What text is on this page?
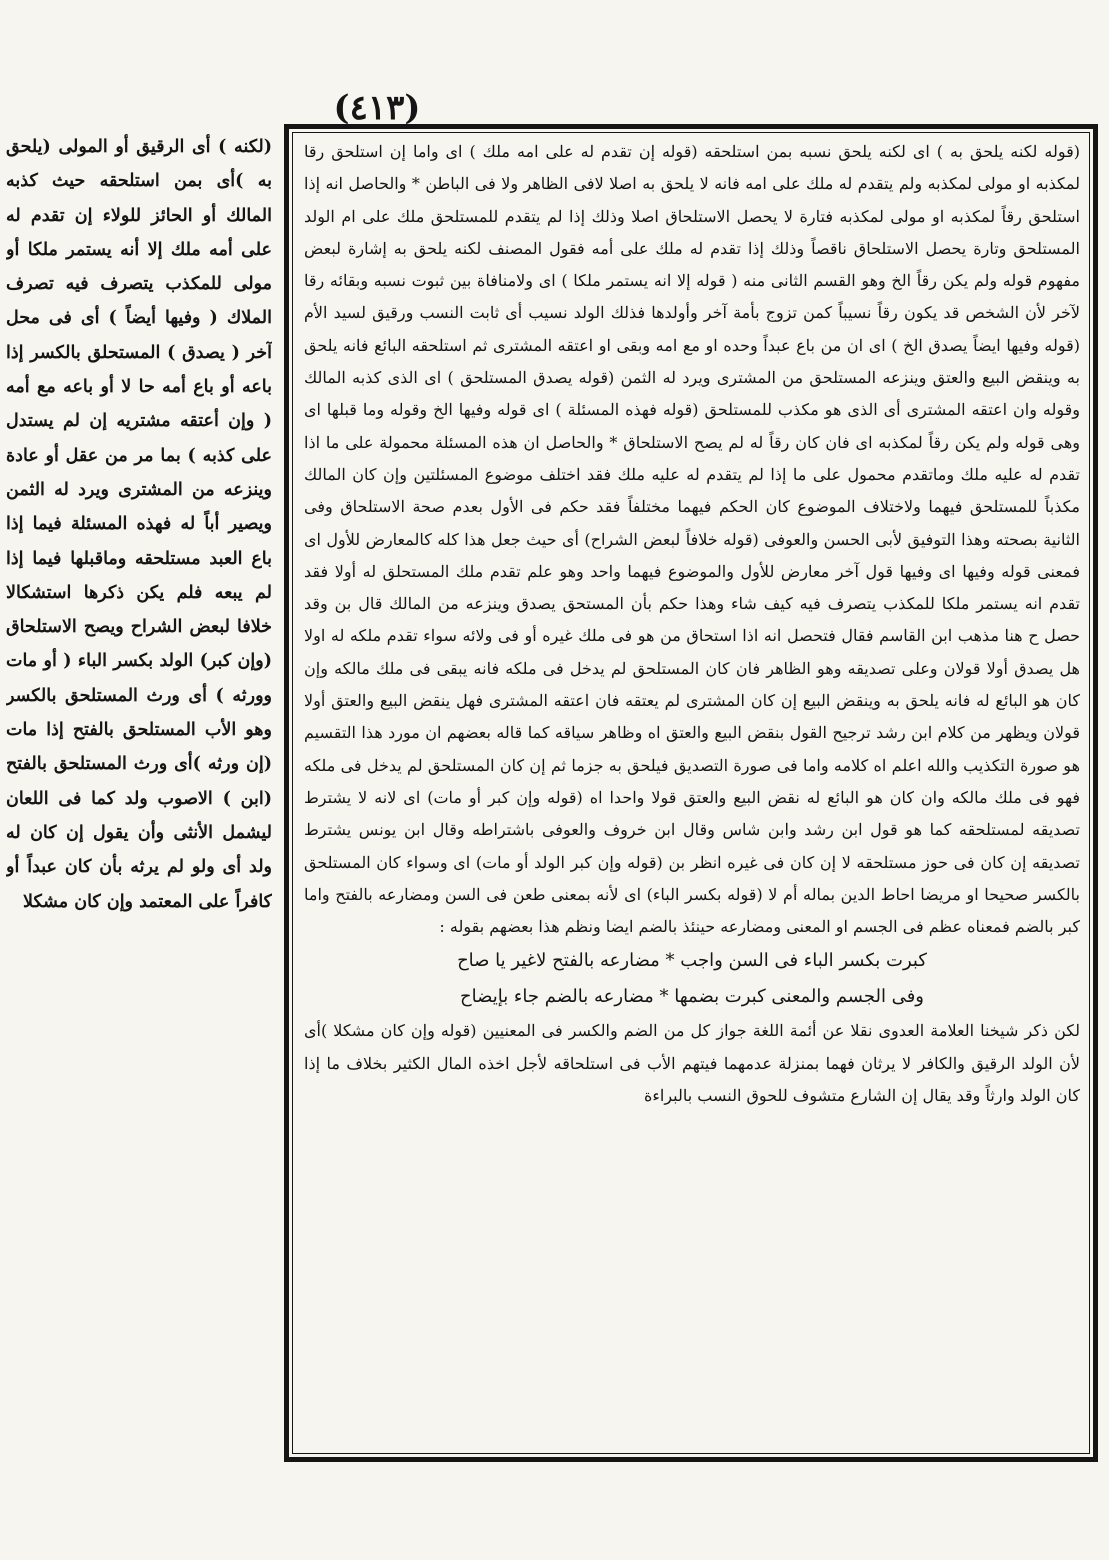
(٤١٣)

(قوله لكنه يلحق به ) اى لكنه يلحق نسبه بمن استلحقه (قوله إن تقدم له على امه ملك ) اى واما إن استلحق رقا لمكذبه او مولى لمكذبه ولم يتقدم له ملك على امه فانه لا يلحق به اصلا لافى الظاهر ولا فى الباطن * والحاصل انه إذا استلحق رقاً لمكذبه او مولى لمكذبه فتارة لا يحصل الاستلحاق اصلا وذلك إذا لم يتقدم للمستلحق ملك على ام الولد المستلحق وتارة يحصل الاستلحاق ناقصاً وذلك إذا تقدم له ملك على أمه فقول المصنف لكنه يلحق به إشارة لبعض مفهوم قوله ولم يكن رقاً الخ وهو القسم الثانى منه ( قوله إلا انه يستمر ملكا ) اى ولامنافاة بين ثبوت نسبه وبقائه رقا لآخر لأن الشخص قد يكون رقاً نسيباً كمن تزوج بأمة آخر وأولدها فذلك الولد نسيب أى ثابت النسب ورقيق لسيد الأم (قوله وفيها ايضاً يصدق الخ ) اى ان من باع عبداً وحده او مع امه وبقى او اعتقه المشترى ثم استلحقه البائع فانه يلحق به وينقض البيع والعتق وينزعه المستلحق من المشترى ويرد له الثمن (قوله يصدق المستلحق ) اى الذى كذبه المالك وقوله وان اعتقه المشترى أى الذى هو مكذب للمستلحق (قوله فهذه المسئلة ) اى قوله وفيها الخ وقوله وما قبلها اى وهى قوله ولم يكن رقاً لمكذبه اى فان كان رقاً له لم يصح الاستلحاق * والحاصل ان هذه المسئلة محمولة على ما اذا تقدم له عليه ملك وماتقدم محمول على ما إذا لم يتقدم له عليه ملك فقد اختلف موضوع المسئلتين وإن كان المالك مكذباً للمستلحق فيهما ولاختلاف الموضوع كان الحكم فيهما مختلفاً فقد حكم فى الأول بعدم صحة الاستلحاق وفى الثانية بصحته وهذا التوفيق لأبى الحسن والعوفى (قوله خلافاً لبعض الشراح) أى حيث جعل هذا كله كالمعارض للأول اى فمعنى قوله وفيها اى وفيها قول آخر معارض للأول والموضوع فيهما واحد وهو علم تقدم ملك المستحلق له أولا فقد تقدم انه يستمر ملكا للمكذب يتصرف فيه كيف شاء وهذا حكم بأن المستحق يصدق وينزعه من المالك قال بن وقد حصل ح هنا مذهب ابن القاسم فقال فتحصل انه اذا استحاق من هو فى ملك غيره أو فى ولائه سواء تقدم ملكه له اولا هل يصدق أولا قولان وعلى تصديقه وهو الظاهر فان كان المستلحق لم يدخل فى ملكه فانه يبقى فى ملك مالكه وإن كان هو البائع له فانه يلحق به وينقض البيع إن كان المشترى لم يعتقه فان اعتقه المشترى فهل ينقض البيع والعتق أولا قولان ويظهر من كلام ابن رشد ترجيح القول بنقض البيع والعتق اه وظاهر سياقه كما قاله بعضهم ان مورد هذا التقسيم هو صورة التكذيب والله اعلم اه كلامه واما فى صورة التصديق فيلحق به جزما ثم إن كان المستلحق لم يدخل فى ملكه فهو فى ملك مالكه وان كان هو البائع له نقض البيع والعتق قولا واحدا اه (قوله وإن كبر أو مات) اى لانه لا يشترط تصديقه لمستلحقه كما هو قول ابن رشد وابن شاس وقال ابن خروف والعوفى باشتراطه وقال ابن يونس يشترط تصديقه إن كان فى حوز مستلحقه لا إن كان فى غيره انظر بن (قوله وإن كبر الولد أو مات) اى وسواء كان المستلحق بالكسر صحيحا او مريضا احاط الدين بماله أم لا (قوله بكسر الباء) اى لأنه بمعنى طعن فى السن ومضارعه بالفتح واما كبر بالضم فمعناه عظم فى الجسم او المعنى ومضارعه حينئذ بالضم ايضا ونظم هذا بعضهم بقوله :

كبرت بكسر الباء فى السن واجب * مضارعه بالفتح لاغير يا صاح

وفى الجسم والمعنى كبرت بضمها * مضارعه بالضم جاء بإيضاح

لكن ذكر شيخنا العلامة العدوى نقلا عن أئمة اللغة جواز كل من الضم والكسر فى المعنيين (قوله وإن كان مشكلا )أى لأن الولد الرقيق والكافر لا يرثان فهما بمنزلة عدمهما فيتهم الأب فى استلحاقه لأجل اخذه المال الكثير بخلاف ما إذا كان الولد وارثاً وقد يقال إن الشارع متشوف للحوق النسب بالبراءة

(لكنه ) أى الرقيق أو المولى (يلحق به )أى بمن استلحقه حيث كذبه المالك أو الحائز للولاء إن تقدم له على أمه ملك إلا أنه يستمر ملكا أو مولى للمكذب يتصرف فيه تصرف الملاك ( وفيها أيضاً ) أى فى محل آخر ( يصدق ) المستحلق بالكسر إذا باعه أو باع أمه حا لا أو باعه مع أمه ( وإن أعتقه مشتريه إن لم يستدل على كذبه ) بما مر من عقل أو عادة وينزعه من المشترى ويرد له الثمن ويصير أباً له فهذه المسئلة فيما إذا باع العبد مستلحقه وماقبلها فيما إذا لم يبعه فلم يكن ذكرها استشكالا خلافا لبعض الشراح ويصح الاستلحاق (وإن كبر) الولد بكسر الباء ( أو مات وورثه ) أى ورث المستلحق بالكسر وهو الأب المستلحق بالفتح إذا مات (إن ورثه )أى ورث المستلحق بالفتح (ابن ) الاصوب ولد كما فى اللعان ليشمل الأنثى وأن يقول إن كان له ولد أى ولو لم يرثه بأن كان عبداً أو كافراً على المعتمد وإن كان مشكلا
